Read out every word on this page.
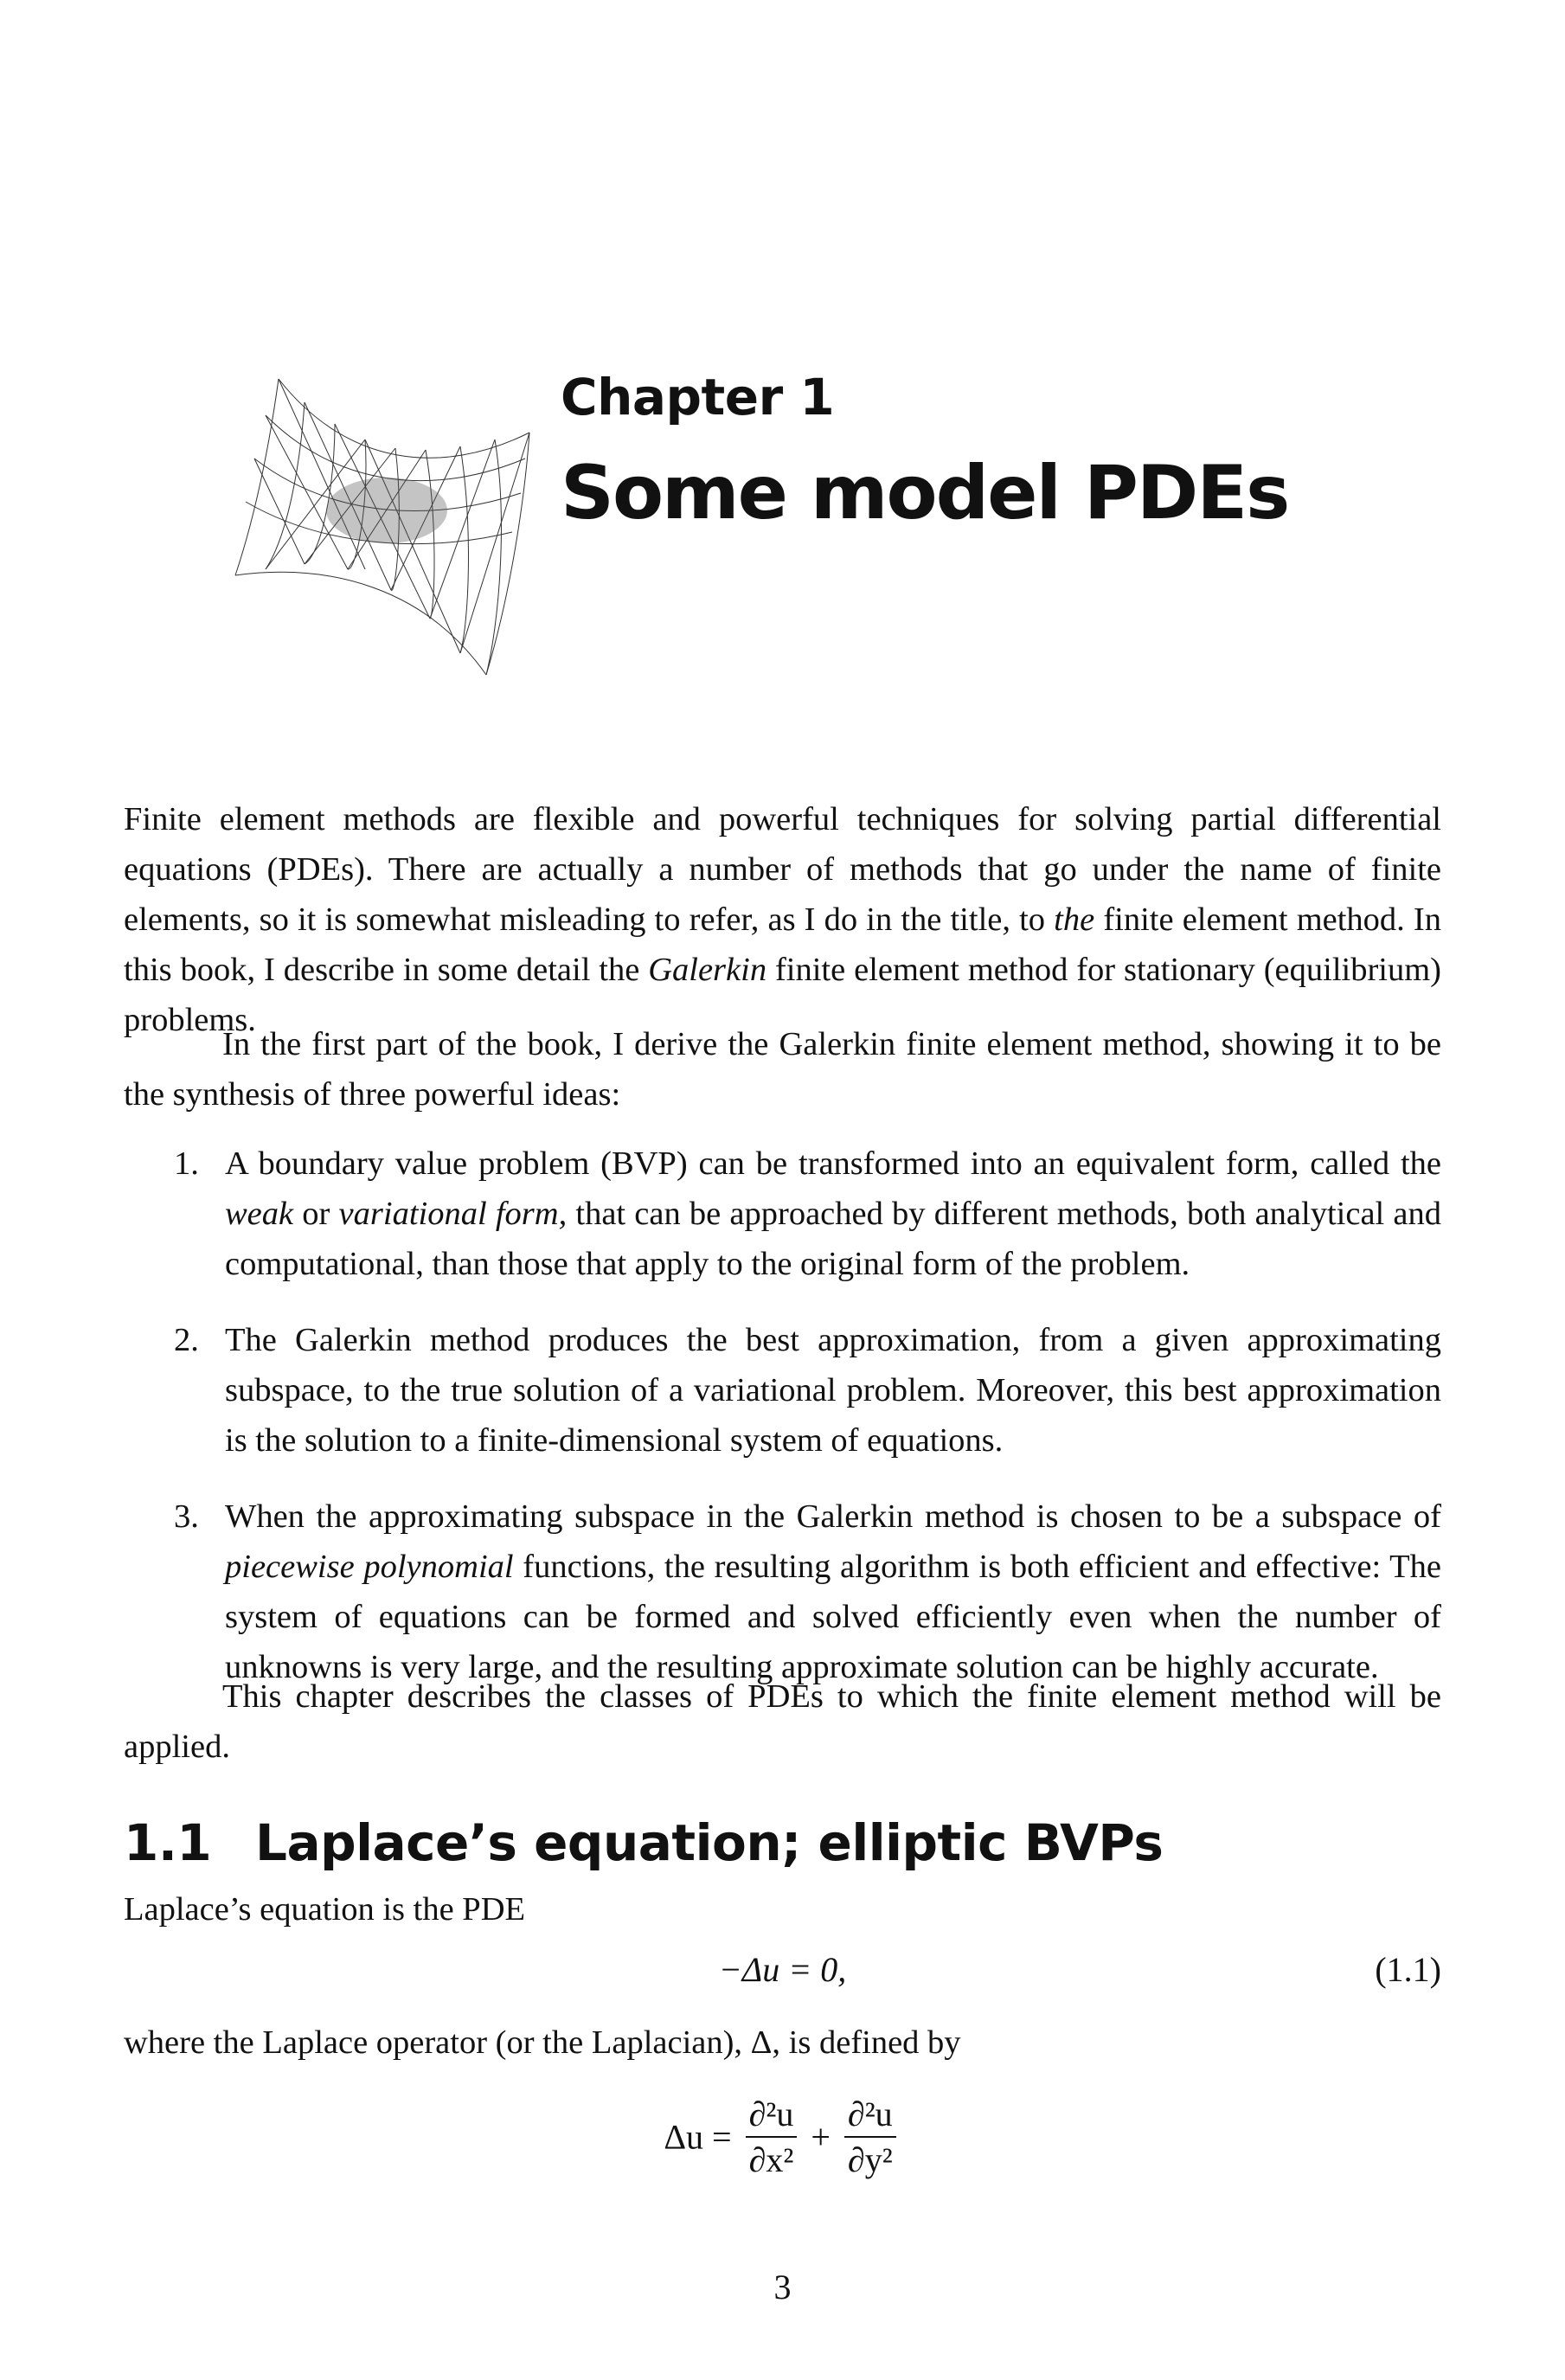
Chapter 1
Some model PDEs

Finite element methods are flexible and powerful techniques for solving partial differential equations (PDEs). There are actually a number of methods that go under the name of finite elements, so it is somewhat misleading to refer, as I do in the title, to the finite element method. In this book, I describe in some detail the Galerkin finite element method for stationary (equilibrium) problems.

In the first part of the book, I derive the Galerkin finite element method, showing it to be the synthesis of three powerful ideas:

1. A boundary value problem (BVP) can be transformed into an equivalent form, called the weak or variational form, that can be approached by different methods, both analytical and computational, than those that apply to the original form of the problem.
2. The Galerkin method produces the best approximation, from a given approximating subspace, to the true solution of a variational problem. Moreover, this best approximation is the solution to a finite-dimensional system of equations.
3. When the approximating subspace in the Galerkin method is chosen to be a subspace of piecewise polynomial functions, the resulting algorithm is both efficient and effective: The system of equations can be formed and solved efficiently even when the number of unknowns is very large, and the resulting approximate solution can be highly accurate.

This chapter describes the classes of PDEs to which the finite element method will be applied.

1.1 Laplace’s equation; elliptic BVPs

Laplace’s equation is the PDE

−Δu = 0,	(1.1)

where the Laplace operator (or the Laplacian), Δ, is defined by

$\Delta u = \frac{\text{∂²u}}{\text{∂x²}} + \frac{\text{∂²u}}{\text{∂y²}}$
3
